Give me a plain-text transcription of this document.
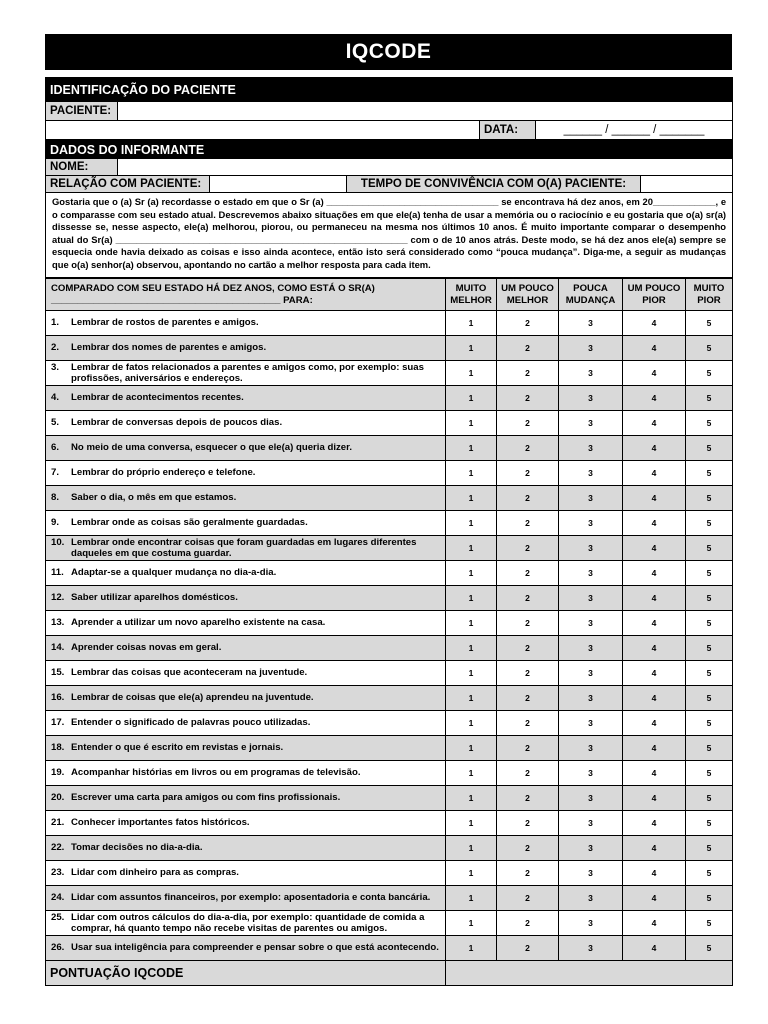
IQCODE
IDENTIFICAÇÃO DO PACIENTE			
PACIENTE:			
		DATA:	______ / ______ / _______
DADOS DO INFORMANTE				
NOME:				
RELAÇÃO COM PACIENTE:			TEMPO DE CONVIVÊNCIA COM O(A) PACIENTE:	
Gostaria que o (a) Sr (a) recordasse o estado em que o Sr (a) _________________________________ se encontrava há dez anos, em 20____________, e o comparasse com seu estado atual. Descrevemos abaixo situações em que ele(a) tenha de usar a memória ou o raciocínio e eu gostaria que o(a) sr(a) dissesse se, nesse aspecto, ele(a) melhorou, piorou, ou permaneceu na mesma nos últimos 10 anos. É muito importante comparar o desempenho atual do Sr(a) ________________________________________________________ com o de 10 anos atrás. Deste modo, se há dez anos ele(a) sempre se esquecia onde havia deixado as coisas e isso ainda acontece, então isto será considerado como “pouca mudança”. Diga-me, a seguir as mudanças que o(a) senhor(a) observou, apontando no cartão a melhor resposta para cada item.				
COMPARADO COM SEU ESTADO HÁ DEZ ANOS, COMO ESTÁ O SR(A) ___________________________________________ PARA:	MUITO MELHOR	UM POUCO MELHOR	POUCA MUDANÇA	UM POUCO PIOR	MUITO PIOR

1. Lembrar de rostos de parentes e amigos.	1	2	3	4	5

2. Lembrar dos nomes de parentes e amigos.	1	2	3	4	5

3. Lembrar de fatos relacionados a parentes e amigos como, por exemplo: suas profissões, aniversários e endereços.	1	2	3	4	5

4. Lembrar de acontecimentos recentes.	1	2	3	4	5

5. Lembrar de conversas depois de poucos dias.	1	2	3	4	5

6. No meio de uma conversa, esquecer o que ele(a) queria dizer.	1	2	3	4	5

7. Lembrar do próprio endereço e telefone.	1	2	3	4	5

8. Saber o dia, o mês em que estamos.	1	2	3	4	5

9. Lembrar onde as coisas são geralmente guardadas.	1	2	3	4	5

10. Lembrar onde encontrar coisas que foram guardadas em lugares diferentes daqueles em que costuma guardar.	1	2	3	4	5

11. Adaptar-se a qualquer mudança no dia-a-dia.	1	2	3	4	5

12. Saber utilizar aparelhos domésticos.	1	2	3	4	5

13. Aprender a utilizar um novo aparelho existente na casa.	1	2	3	4	5

14. Aprender coisas novas em geral.	1	2	3	4	5

15. Lembrar das coisas que aconteceram na juventude.	1	2	3	4	5

16. Lembrar de coisas que ele(a) aprendeu na juventude.	1	2	3	4	5

17. Entender o significado de palavras pouco utilizadas.	1	2	3	4	5

18. Entender o que é escrito em revistas e jornais.	1	2	3	4	5

19. Acompanhar histórias em livros ou em programas de televisão.	1	2	3	4	5

20. Escrever uma carta para amigos ou com fins profissionais.	1	2	3	4	5

21. Conhecer importantes fatos históricos.	1	2	3	4	5

22. Tomar decisões no dia-a-dia.	1	2	3	4	5

23. Lidar com dinheiro para as compras.	1	2	3	4	5

24. Lidar com assuntos financeiros, por exemplo: aposentadoria e conta bancária.	1	2	3	4	5

25. Lidar com outros cálculos do dia-a-dia, por exemplo: quantidade de comida a comprar, há quanto tempo não recebe visitas de parentes ou amigos.	1	2	3	4	5

26. Usar sua inteligência para compreender e pensar sobre o que está acontecendo.	1	2	3	4	5
PONTUAÇÃO IQCODE					
